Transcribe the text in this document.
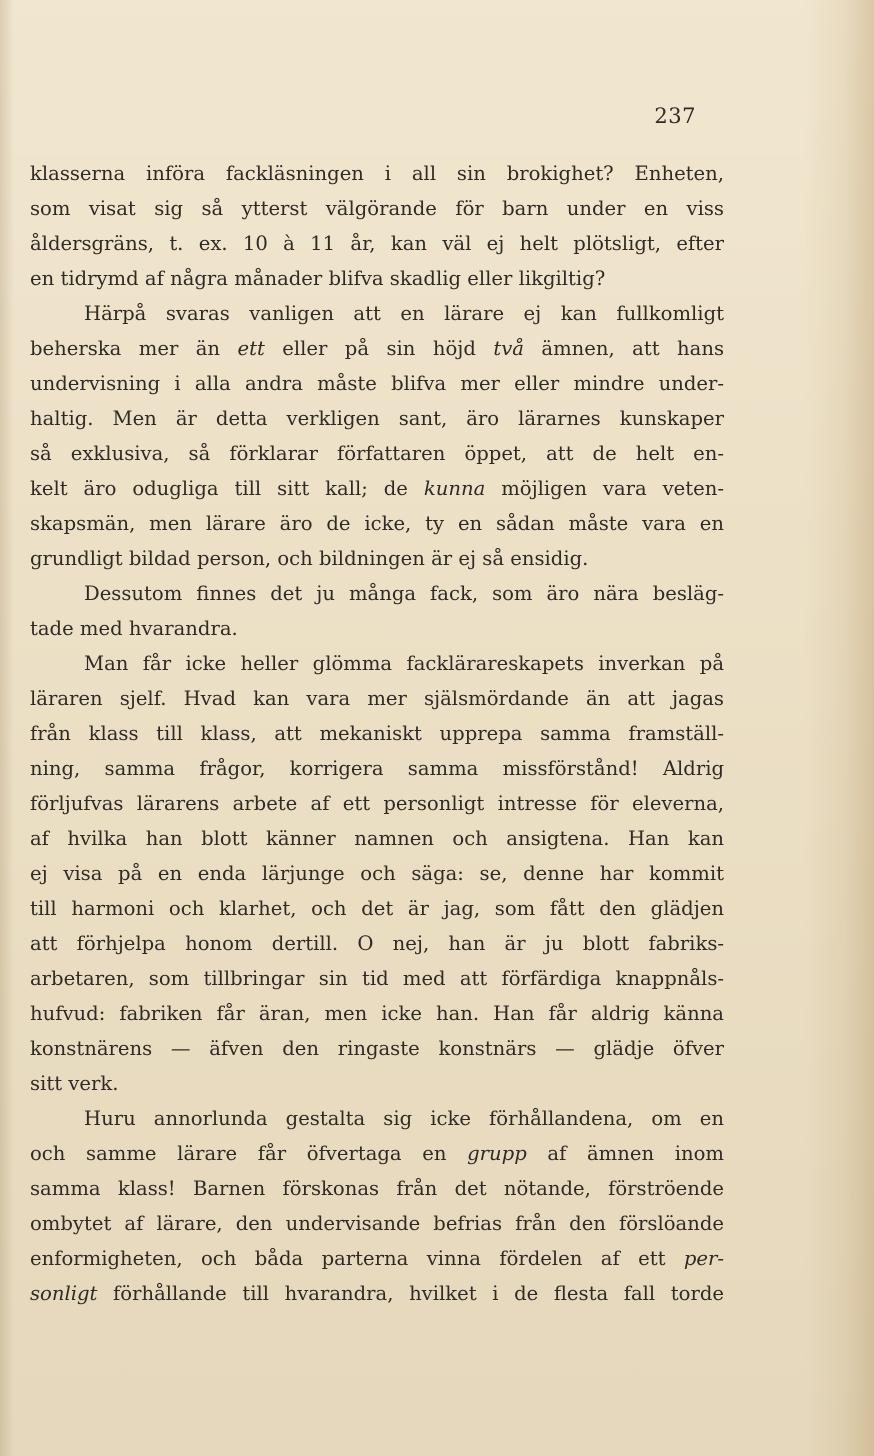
237

klasserna införa fackläsningen i all sin brokighet? Enheten,
som visat sig så ytterst välgörande för barn under en viss
åldersgräns, t. ex. 10 à 11 år, kan väl ej helt plötsligt, efter
en tidrymd af några månader blifva skadlig eller likgiltig?
Härpå svaras vanligen att en lärare ej kan fullkomligt
beherska mer än ett eller på sin höjd två ämnen, att hans
undervisning i alla andra måste blifva mer eller mindre under-
haltig. Men är detta verkligen sant, äro lärarnes kunskaper
så exklusiva, så förklarar författaren öppet, att de helt en-
kelt äro odugliga till sitt kall; de kunna möjligen vara veten-
skapsmän, men lärare äro de icke, ty en sådan måste vara en
grundligt bildad person, och bildningen är ej så ensidig.
Dessutom finnes det ju många fack, som äro nära besläg-
tade med hvarandra.
Man får icke heller glömma facklärareskapets inverkan på
läraren sjelf. Hvad kan vara mer själsmördande än att jagas
från klass till klass, att mekaniskt upprepa samma framställ-
ning, samma frågor, korrigera samma missförstånd! Aldrig
förljufvas lärarens arbete af ett personligt intresse för eleverna,
af hvilka han blott känner namnen och ansigtena. Han kan
ej visa på en enda lärjunge och säga: se, denne har kommit
till harmoni och klarhet, och det är jag, som fått den glädjen
att förhjelpa honom dertill. O nej, han är ju blott fabriks-
arbetaren, som tillbringar sin tid med att förfärdiga knappnåls-
hufvud: fabriken får äran, men icke han. Han får aldrig känna
konstnärens — äfven den ringaste konstnärs — glädje öfver
sitt verk.
Huru annorlunda gestalta sig icke förhållandena, om en
och samme lärare får öfvertaga en grupp af ämnen inom
samma klass! Barnen förskonas från det nötande, förströende
ombytet af lärare, den undervisande befrias från den förslöande
enformigheten, och båda parterna vinna fördelen af ett per-
sonligt förhållande till hvarandra, hvilket i de flesta fall torde
